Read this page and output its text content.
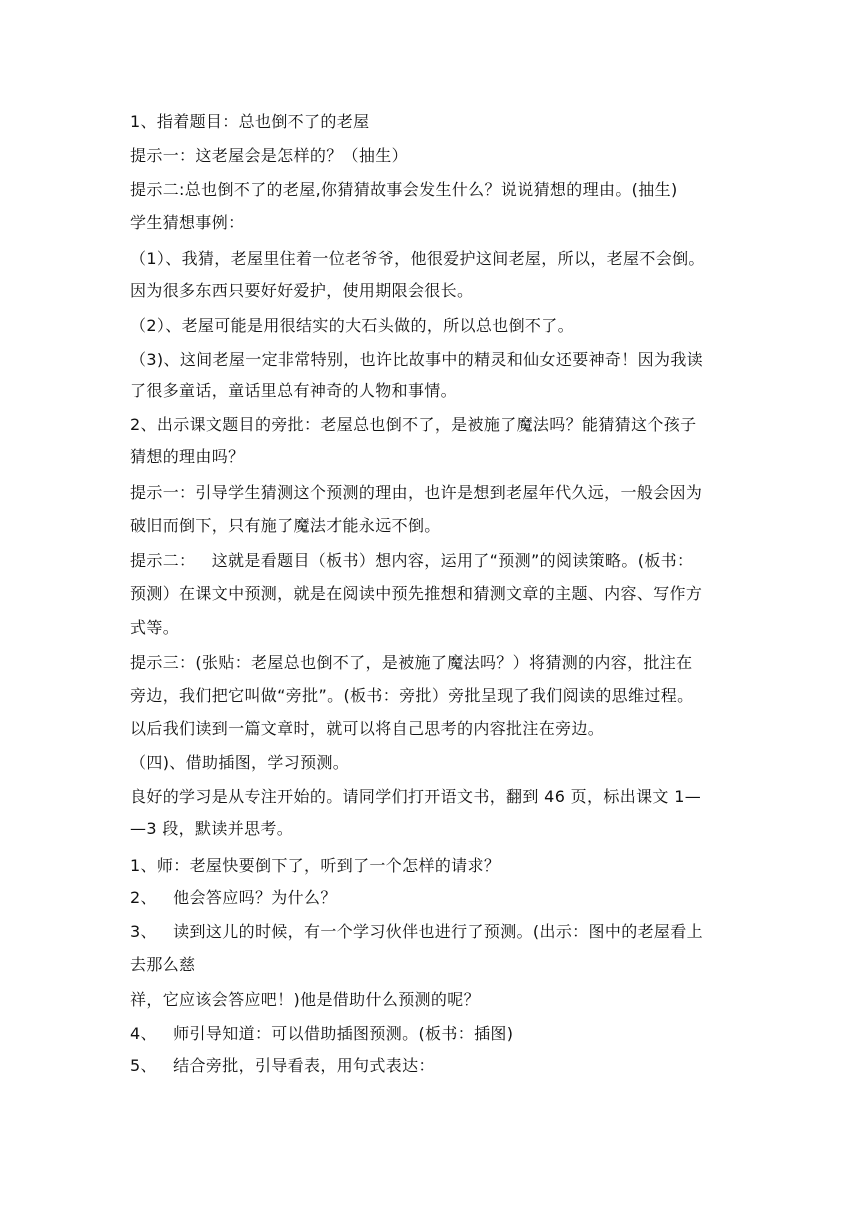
1、指着题目：总也倒不了的老屋
提示一：这老屋会是怎样的？（抽生）
提示二:总也倒不了的老屋,你猜猜故事会发生什么？说说猜想的理由。(抽生)
学生猜想事例：
（1）、我猜，老屋里住着一位老爷爷，他很爱护这间老屋，所以，老屋不会倒。
因为很多东西只要好好爱护，使用期限会很长。
（2）、老屋可能是用很结实的大石头做的，所以总也倒不了。
（3)、这间老屋一定非常特别，也许比故事中的精灵和仙女还要神奇！因为我读
了很多童话，童话里总有神奇的人物和事情。
2、出示课文题目的旁批：老屋总也倒不了，是被施了魔法吗？能猜猜这个孩子
猜想的理由吗？
提示一：引导学生猜测这个预测的理由，也许是想到老屋年代久远，一般会因为
破旧而倒下，只有施了魔法才能永远不倒。
提示二：   这就是看题目（板书）想内容，运用了“预测”的阅读策略。(板书：
预测）在课文中预测，就是在阅读中预先推想和猜测文章的主题、内容、写作方
式等。
提示三：(张贴：老屋总也倒不了，是被施了魔法吗？）将猜测的内容，批注在
旁边，我们把它叫做“旁批”。(板书：旁批）旁批呈现了我们阅读的思维过程。
以后我们读到一篇文章时，就可以将自己思考的内容批注在旁边。
（四)、借助插图，学习预测。
良好的学习是从专注开始的。请同学们打开语文书，翻到 46 页，标出课文 1—
—3 段，默读并思考。
1、师：老屋快要倒下了，听到了一个怎样的请求？
2、   他会答应吗？为什么？
3、   读到这儿的时候，有一个学习伙伴也进行了预测。(出示：图中的老屋看上
去那么慈
祥，它应该会答应吧！)他是借助什么预测的呢？
4、   师引导知道：可以借助插图预测。(板书：插图)
5、   结合旁批，引导看表，用句式表达：
